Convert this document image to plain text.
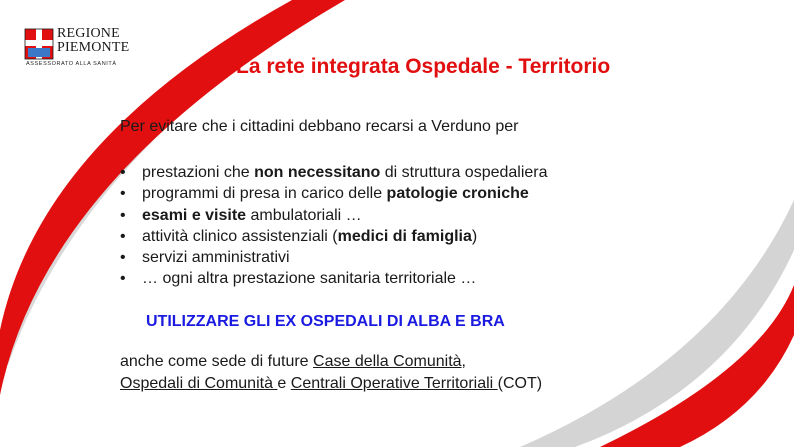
REGIONE
PIEMONTE
ASSESSORATO ALLA SANITÀ	La rete integrata Ospedale - Territorio
Per evitare che i cittadini debbano recarsi a Verduno per
• prestazioni che non necessitano di struttura ospedaliera
• programmi di presa in carico delle patologie croniche
• esami e visite ambulatoriali …
• attività clinico assistenziali (medici di famiglia)
• servizi amministrativi
• … ogni altra prestazione sanitaria territoriale …
UTILIZZARE GLI EX OSPEDALI DI ALBA E BRA
anche come sede di future Case della Comunità,
Ospedali di Comunità e Centrali Operative Territoriali (COT)
